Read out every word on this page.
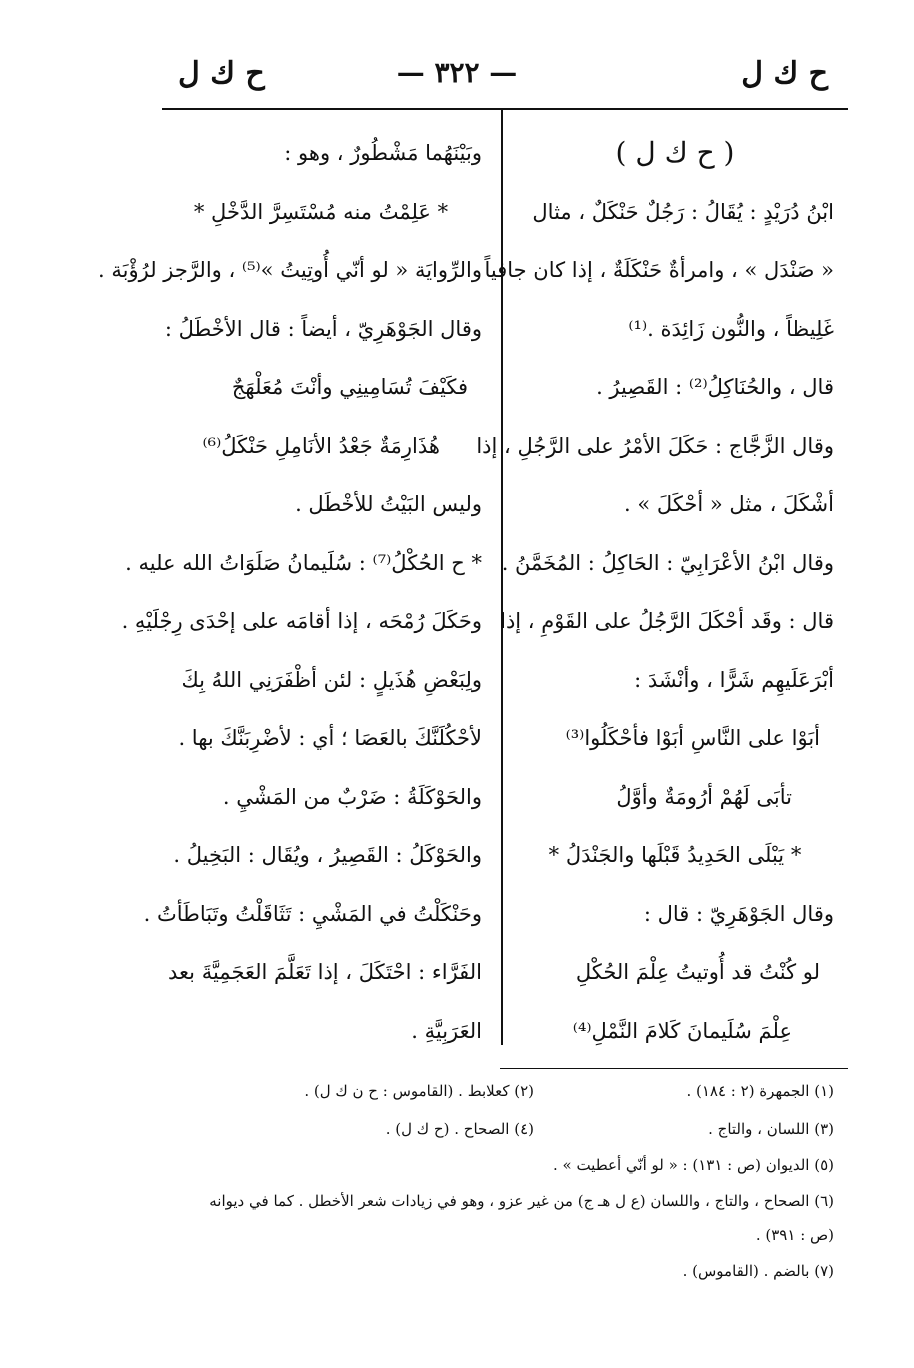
ح ك ل
— ٣٢٢ —
ح ك ل
( ح ك ل )
ابْنُ دُرَيْدٍ : يُقَالُ : رَجُلٌ حَنْكَلٌ ، مثال
« صَنْدَل » ، وامرأةٌ حَنْكَلَةٌ ، إذا كان جافياً
غَلِيظاً ، والنُّون زَائِدَة .⁽¹⁾
قال ، والحُنَاكِلُ⁽²⁾ : القَصِيرُ .
وقال الزَّجَّاج : حَكَلَ الأمْرُ على الرَّجُلِ ، إذا
أشْكَلَ ، مثل « أحْكَلَ » .
وقال ابْنُ الأعْرَابِيّ : الحَاكِلُ : المُخَمَّنُ .
قال : وقَد أحْكَلَ الرَّجُلُ على القَوْمِ ، إذا
أبْرَعَلَيهِم شَرًّا ، وأنْشَدَ :
أبَوْا على النَّاسِ أبَوْا فأحْكَلُوا⁽³⁾
تأبَى لَهُمْ أرُومَةٌ وأوَّلُ
* يَبْلَى الحَدِيدُ قَبْلَها والجَنْدَلُ *
وقال الجَوْهَرِيّ : قال :
لو كُنْتُ قد أُوتيتُ عِلْمَ الحُكْلِ
عِلْمَ سُلَيمانَ كَلامَ النَّمْلِ⁽⁴⁾
وبَيْنَهُما مَشْطُورٌ ، وهو :
* عَلِمْتُ منه مُسْتَسِرَّ الدَّخْلِ *
والرِّوايَة « لو أنّي أُوتِيتُ »⁽⁵⁾ ، والرَّجز لرُؤْبَة .
وقال الجَوْهَرِيّ ، أيضاً : قال الأخْطَلُ :
فكَيْفَ تُسَامِينِي وأنْتَ مُعَلْهَجٌ
هُذَارِمَةٌ جَعْدُ الأنَامِلِ حَنْكَلُ⁽⁶⁾
وليس البَيْتُ للأخْطَل .
* ح الحُكْلُ⁽⁷⁾ : سُلَيمانُ صَلَوَاتُ الله عليه .
وحَكَلَ رُمْحَه ، إذا أقامَه على إحْدَى رِجْلَيْهِ .
ولِبَعْضِ هُذَيلٍ : لئن أظْفَرَنِي اللهُ بِكَ
لأحْكُلَنَّكَ بالعَصَا ؛ أي : لأضْرِبَنَّكَ بها .
والحَوْكَلَةُ : ضَرْبٌ من المَشْيِ .
والحَوْكَلُ : القَصِيرُ ، ويُقَال : البَخِيلُ .
وحَنْكَلْتُ في المَشْيِ : تَثَاقَلْتُ وتَبَاطَأتُ .
الفَرَّاء : احْتَكَلَ ، إذا تَعَلَّمَ العَجَمِيَّةَ بعد
العَرَبِيَّةِ .
(١) الجمهرة (٢ : ١٨٤) .
(٢) كعلابط . (القاموس : ح ن ك ل) .
(٣) اللسان ، والتاج .
(٤) الصحاح . (ح ك ل) .
(٥) الديوان (ص : ١٣١) : « لو أنّي أعطيت » .
(٦) الصحاح ، والتاج ، واللسان (ع ل هـ ج) من غير عزو ، وهو في زيادات شعر الأخطل . كما في ديوانه
(ص : ٣٩١) .
(٧) بالضم . (القاموس) .
